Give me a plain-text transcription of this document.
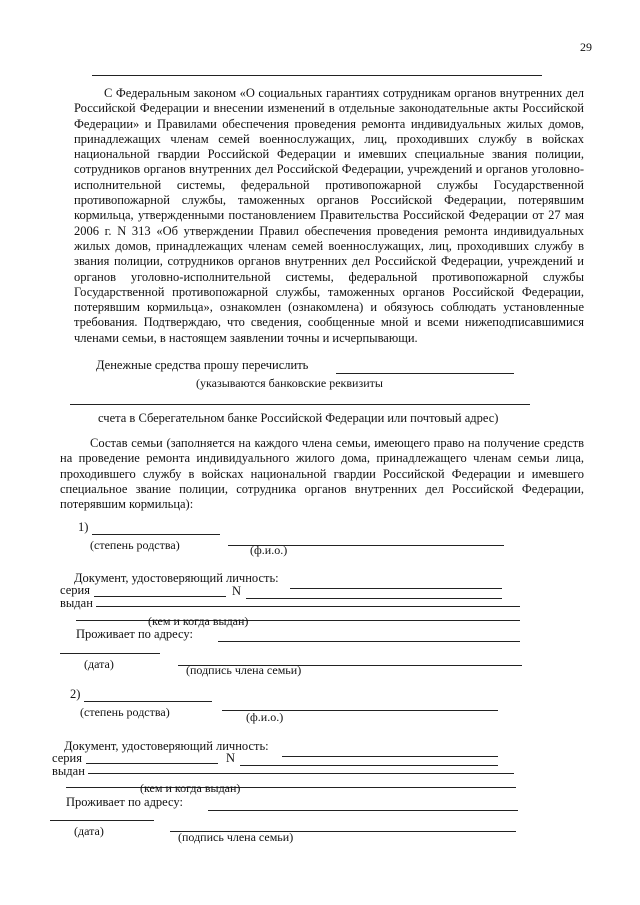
29

С Федеральным законом «О социальных гарантиях сотрудникам органов внутренних дел Российской Федерации и внесении изменений в отдельные законодательные акты Российской Федерации» и Правилами обеспечения проведения ремонта индивидуальных жилых домов, принадлежащих членам семей военнослужащих, лиц, проходивших службу в войсках национальной гвардии Российской Федерации и имевших специальные звания полиции, сотрудников органов внутренних дел Российской Федерации, учреждений и органов уголовно-исполнительной системы, федеральной противопожарной службы Государственной противопожарной службы, таможенных органов Российской Федерации, потерявшим кормильца, утвержденными постановлением Правительства Российской Федерации от 27 мая 2006 г. N 313 «Об утверждении Правил обеспечения проведения ремонта индивидуальных жилых домов, принадлежащих членам семей военнослужащих, лиц, проходивших службу в звания полиции, сотрудников органов внутренних дел Российской Федерации, учреждений и органов уголовно-исполнительной системы, федеральной противопожарной службы Государственной противопожарной службы, таможенных органов Российской Федерации, потерявшим кормильца», ознакомлен (ознакомлена) и обязуюсь соблюдать установленные требования. Подтверждаю, что сведения, сообщенные мной и всеми нижеподписавшимися членами семьи, в настоящем заявлении точны и исчерпывающи.

Денежные средства прошу перечислить
(указываются банковские реквизиты
счета в Сберегательном банке Российской Федерации или почтовый адрес)

Состав семьи (заполняется на каждого члена семьи, имеющего право на получение средств на проведение ремонта индивидуального жилого дома, принадлежащего членам семьи лица, проходившего службу в войсках национальной гвардии Российской Федерации и имевшего специальное звание полиции, сотрудника органов внутренних дел Российской Федерации, потерявшим кормильца):

1)
(степень родства)	(ф.и.о.)
Документ, удостоверяющий личность:
серия	N
выдан
(кем и когда выдан)
Проживает по адресу:
(дата)	(подпись члена семьи)
2)
(степень родства)	(ф.и.о.)
Документ, удостоверяющий личность:
серия	N
выдан
(кем и когда выдан)
Проживает по адресу:
(дата)	(подпись члена семьи)
